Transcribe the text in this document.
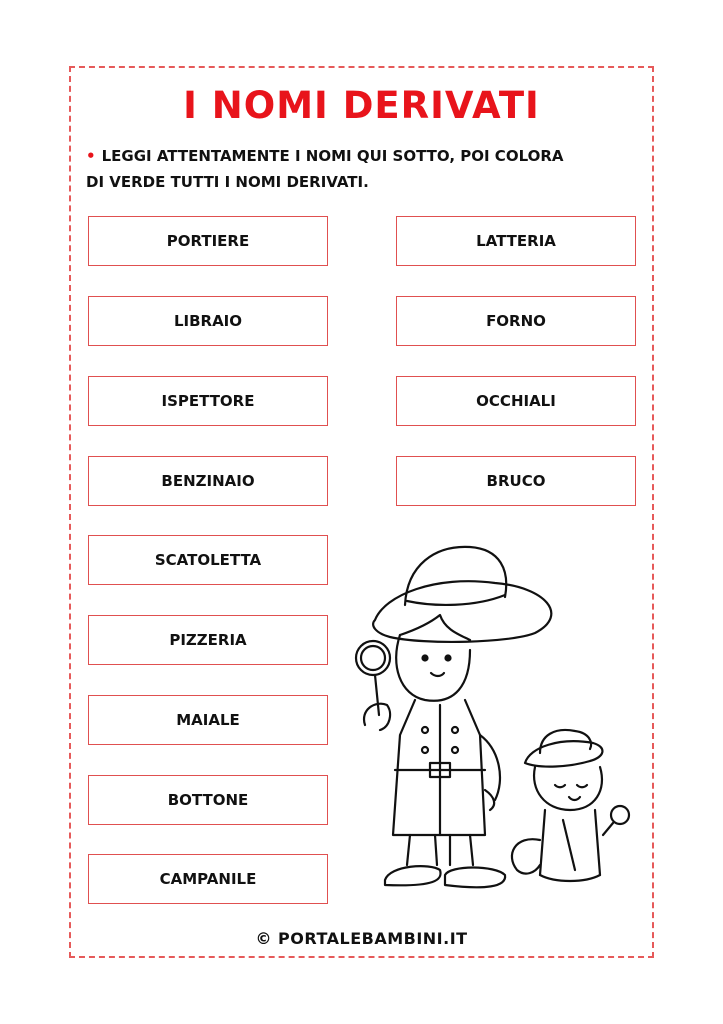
I NOMI DERIVATI
• LEGGI ATTENTAMENTE I NOMI QUI SOTTO, POI COLORA
DI VERDE TUTTI I NOMI DERIVATI.
PORTIERE
LIBRAIO
ISPETTORE
BENZINAIO
SCATOLETTA
PIZZERIA
MAIALE
BOTTONE
CAMPANILE
LATTERIA
FORNO
OCCHIALI
BRUCO
© PORTALEBAMBINI.IT
